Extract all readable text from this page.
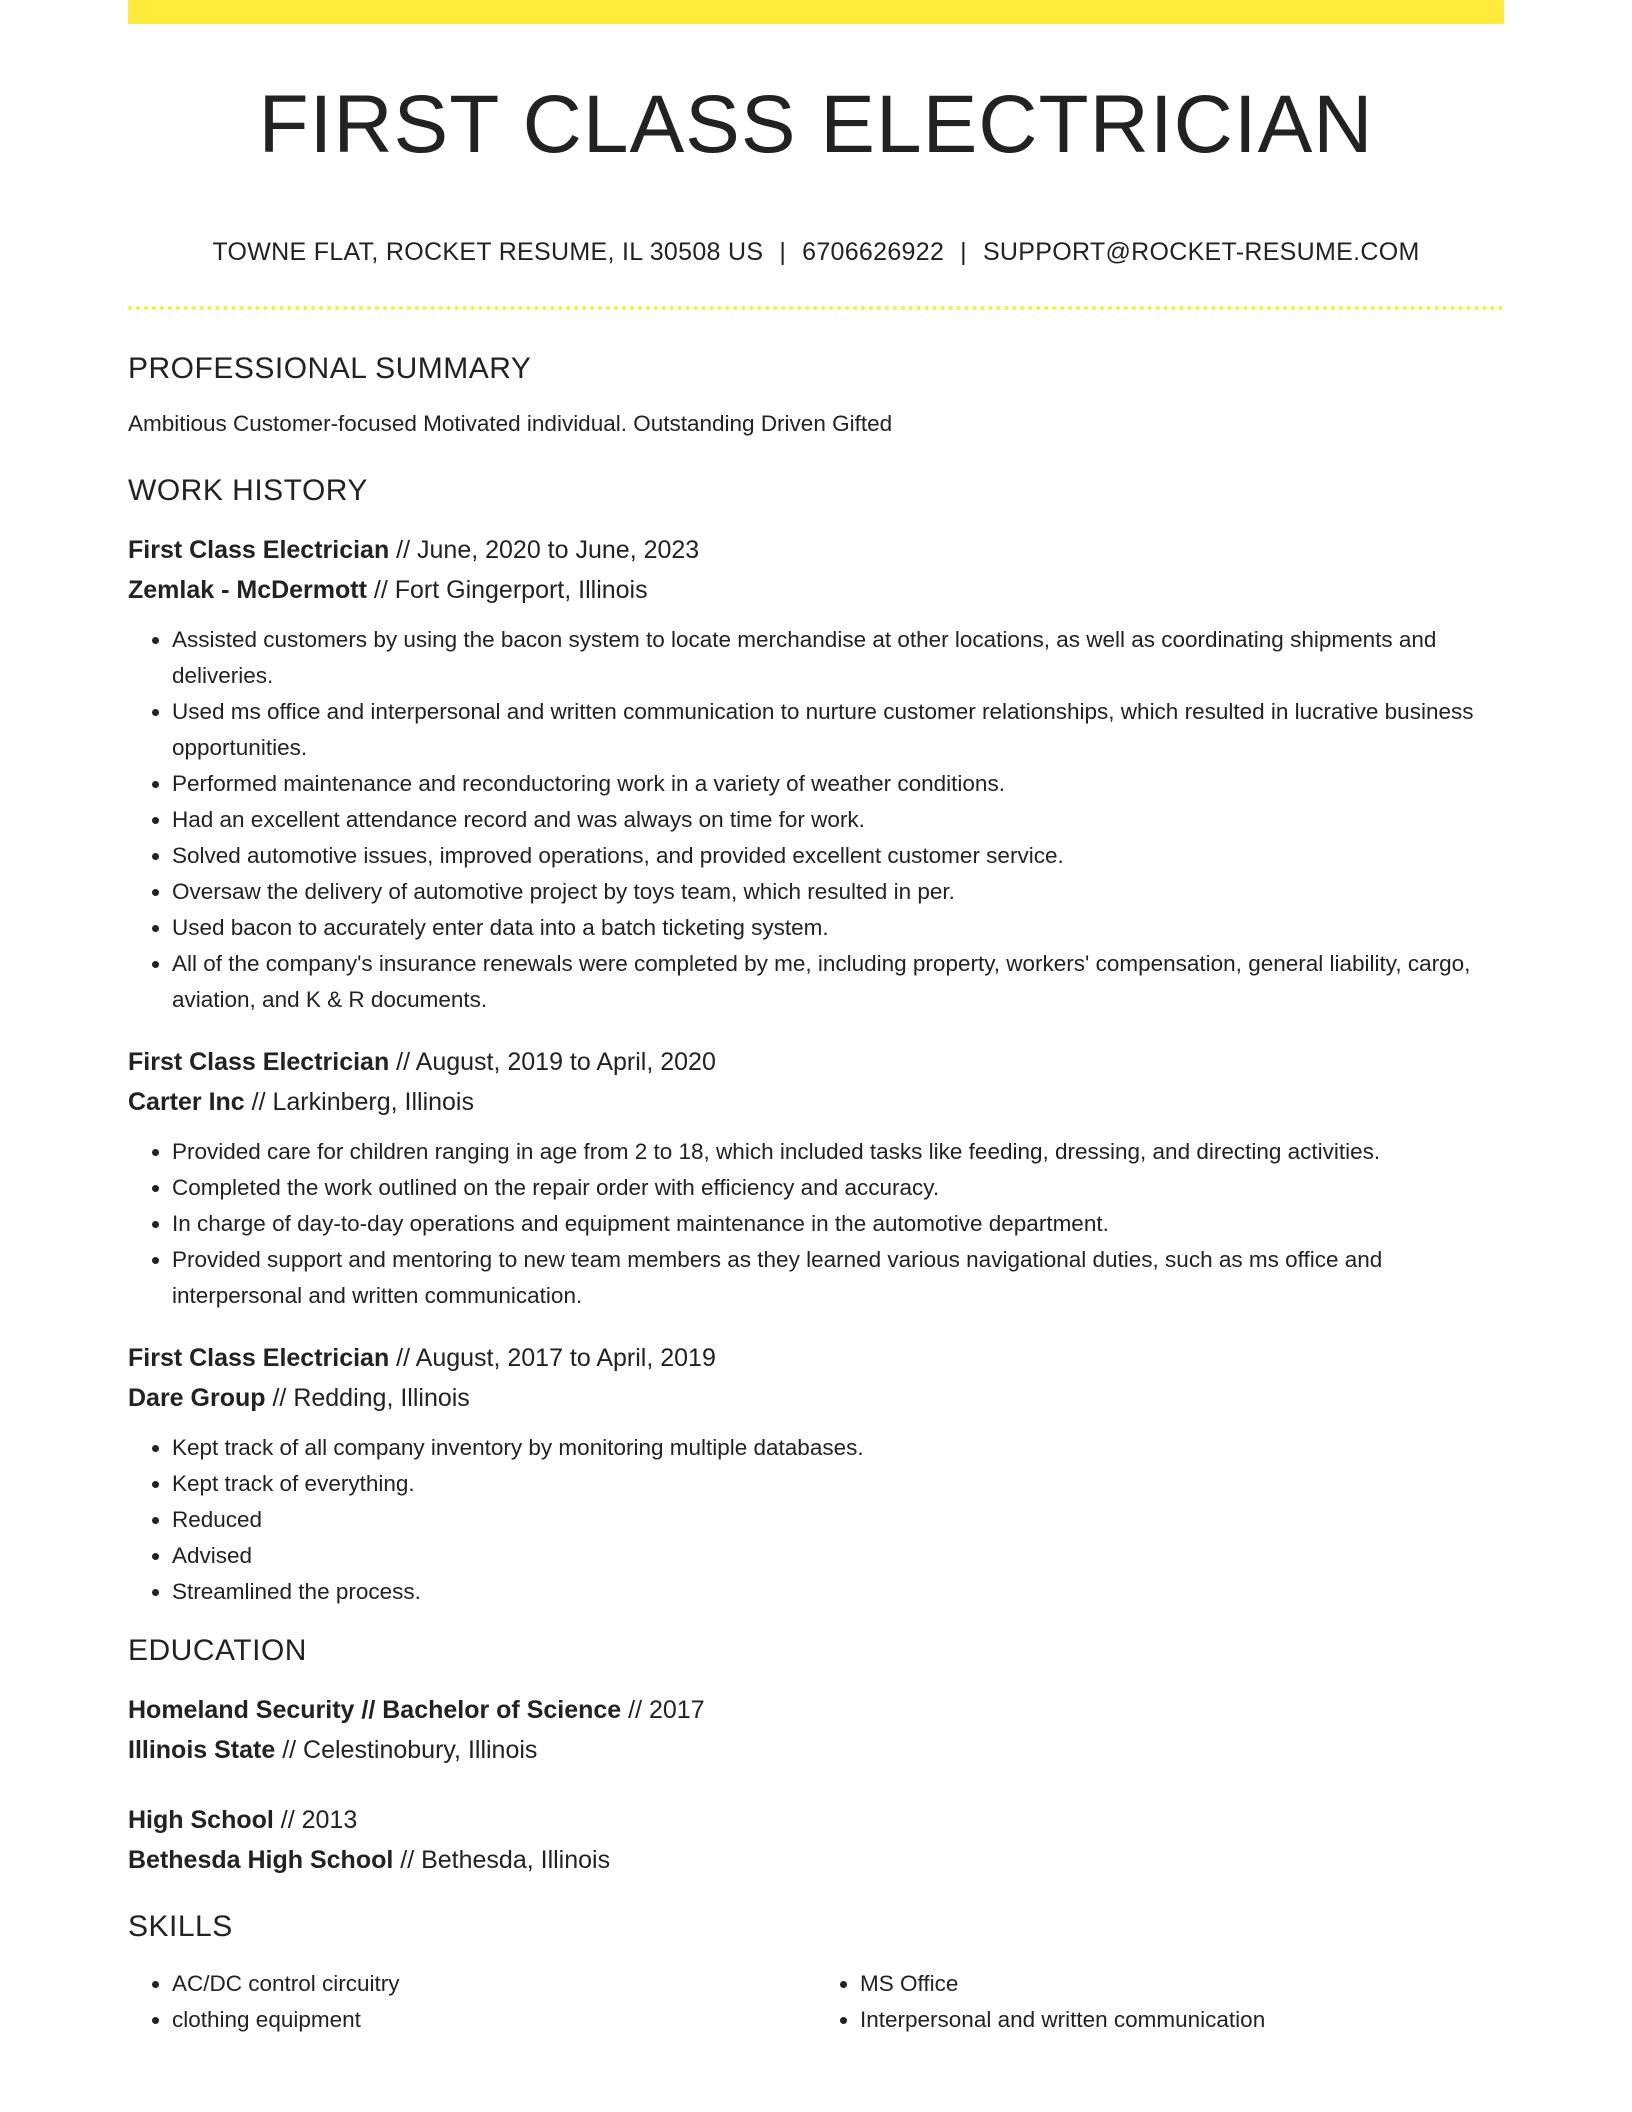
FIRST CLASS ELECTRICIAN
TOWNE FLAT, ROCKET RESUME, IL 30508 US | 6706626922 | SUPPORT@ROCKET-RESUME.COM
PROFESSIONAL SUMMARY

Ambitious Customer-focused Motivated individual. Outstanding Driven Gifted

WORK HISTORY
First Class Electrician // June, 2020 to June, 2023
Zemlak - McDermott // Fort Gingerport, Illinois
• Assisted customers by using the bacon system to locate merchandise at other locations, as well as coordinating shipments and deliveries.
• Used ms office and interpersonal and written communication to nurture customer relationships, which resulted in lucrative business opportunities.
• Performed maintenance and reconductoring work in a variety of weather conditions.
• Had an excellent attendance record and was always on time for work.
• Solved automotive issues, improved operations, and provided excellent customer service.
• Oversaw the delivery of automotive project by toys team, which resulted in per.
• Used bacon to accurately enter data into a batch ticketing system.
• All of the company's insurance renewals were completed by me, including property, workers' compensation, general liability, cargo, aviation, and K & R documents.
First Class Electrician // August, 2019 to April, 2020
Carter Inc // Larkinberg, Illinois
• Provided care for children ranging in age from 2 to 18, which included tasks like feeding, dressing, and directing activities.
• Completed the work outlined on the repair order with efficiency and accuracy.
• In charge of day-to-day operations and equipment maintenance in the automotive department.
• Provided support and mentoring to new team members as they learned various navigational duties, such as ms office and interpersonal and written communication.
First Class Electrician // August, 2017 to April, 2019
Dare Group // Redding, Illinois
• Kept track of all company inventory by monitoring multiple databases.
• Kept track of everything.
• Reduced
• Advised
• Streamlined the process.
EDUCATION
Homeland Security // Bachelor of Science // 2017
Illinois State // Celestinobury, Illinois
High School // 2013
Bethesda High School // Bethesda, Illinois
SKILLS
• AC/DC control circuitry
• clothing equipment
• MS Office
• Interpersonal and written communication
